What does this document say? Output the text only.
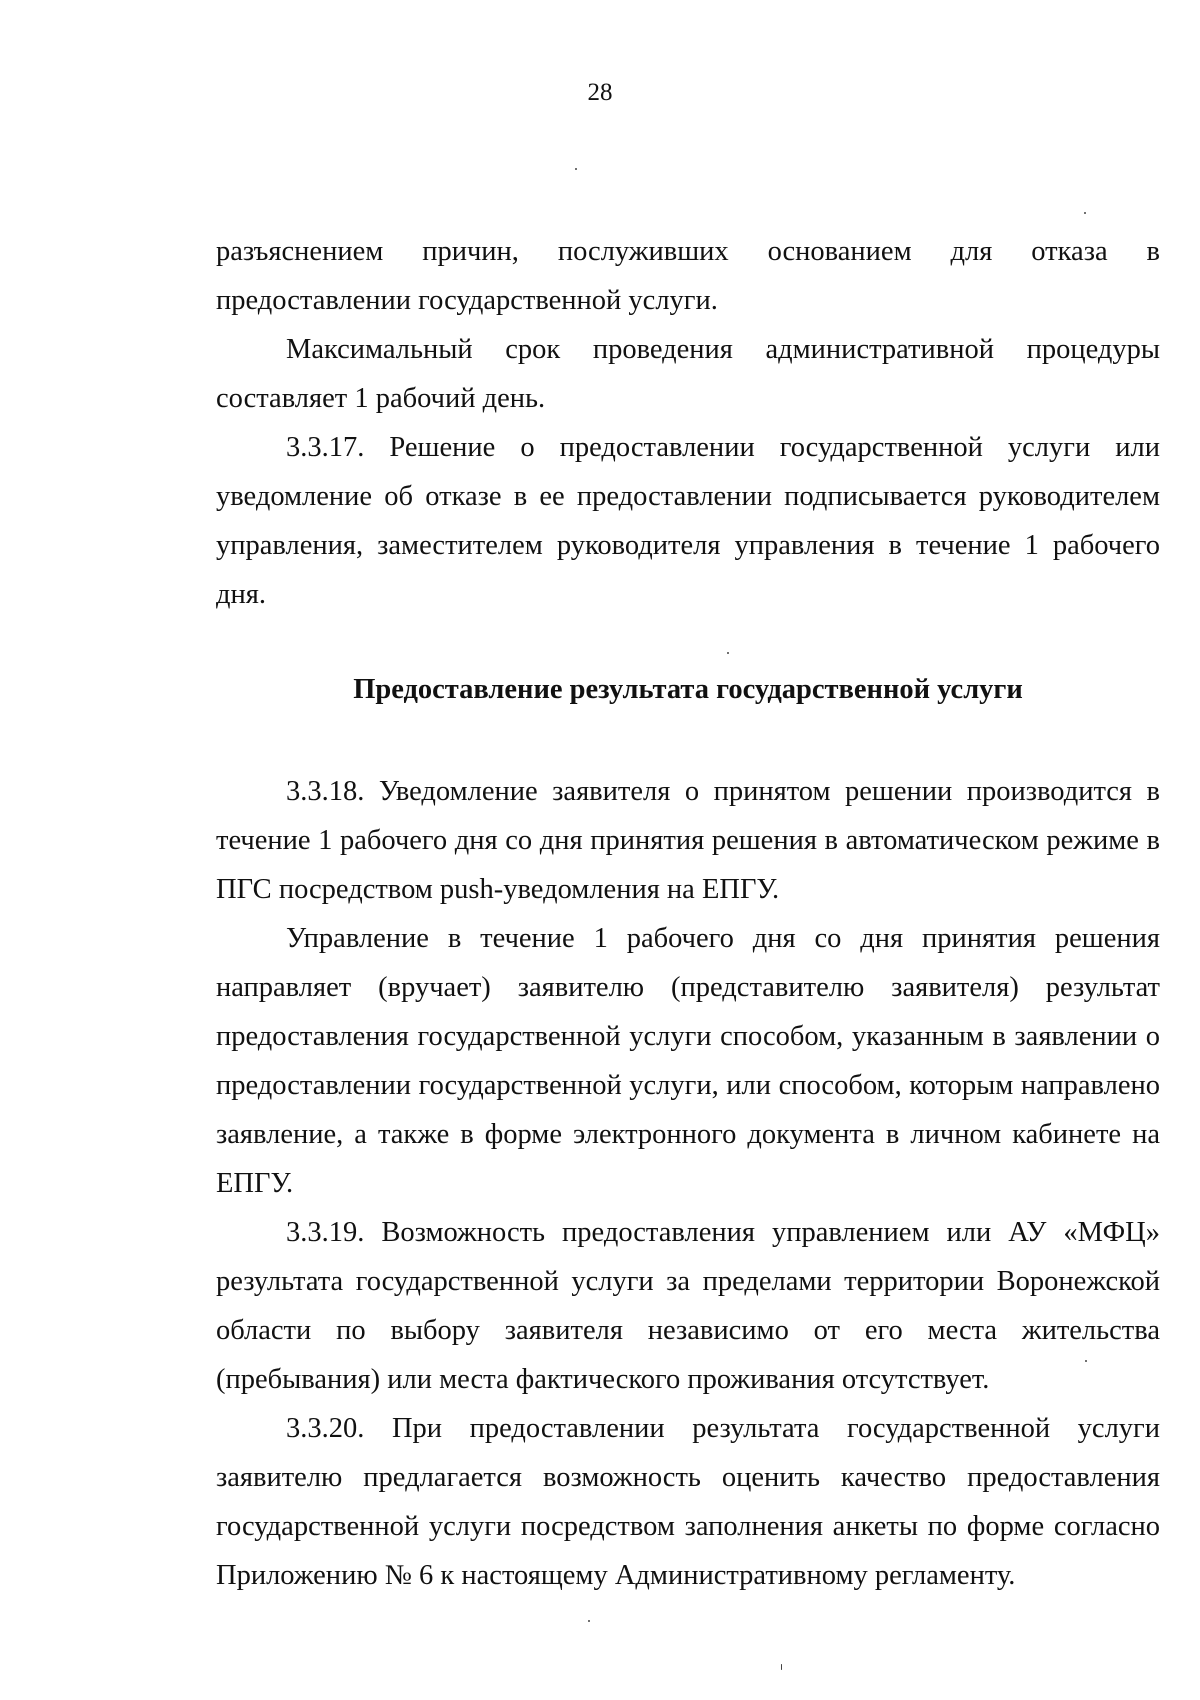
28

разъяснением причин, послуживших основанием для отказа в предоставлении государственной услуги.

Максимальный срок проведения административной процедуры составляет 1 рабочий день.

3.3.17. Решение о предоставлении государственной услуги или уведомление об отказе в ее предоставлении подписывается руководителем управления, заместителем руководителя управления в течение 1 рабочего дня.

Предоставление результата государственной услуги

3.3.18. Уведомление заявителя о принятом решении производится в течение 1 рабочего дня со дня принятия решения в автоматическом режиме в ПГС посредством push-уведомления на ЕПГУ.

Управление в течение 1 рабочего дня со дня принятия решения направляет (вручает) заявителю (представителю заявителя) результат предоставления государственной услуги способом, указанным в заявлении о предоставлении государственной услуги, или способом, которым направлено заявление, а также в форме электронного документа в личном кабинете на ЕПГУ.

3.3.19. Возможность предоставления управлением или АУ «МФЦ» результата государственной услуги за пределами территории Воронежской области по выбору заявителя независимо от его места жительства (пребывания) или места фактического проживания отсутствует.

3.3.20. При предоставлении результата государственной услуги заявителю предлагается возможность оценить качество предоставления государственной услуги посредством заполнения анкеты по форме согласно Приложению № 6 к настоящему Административному регламенту.
